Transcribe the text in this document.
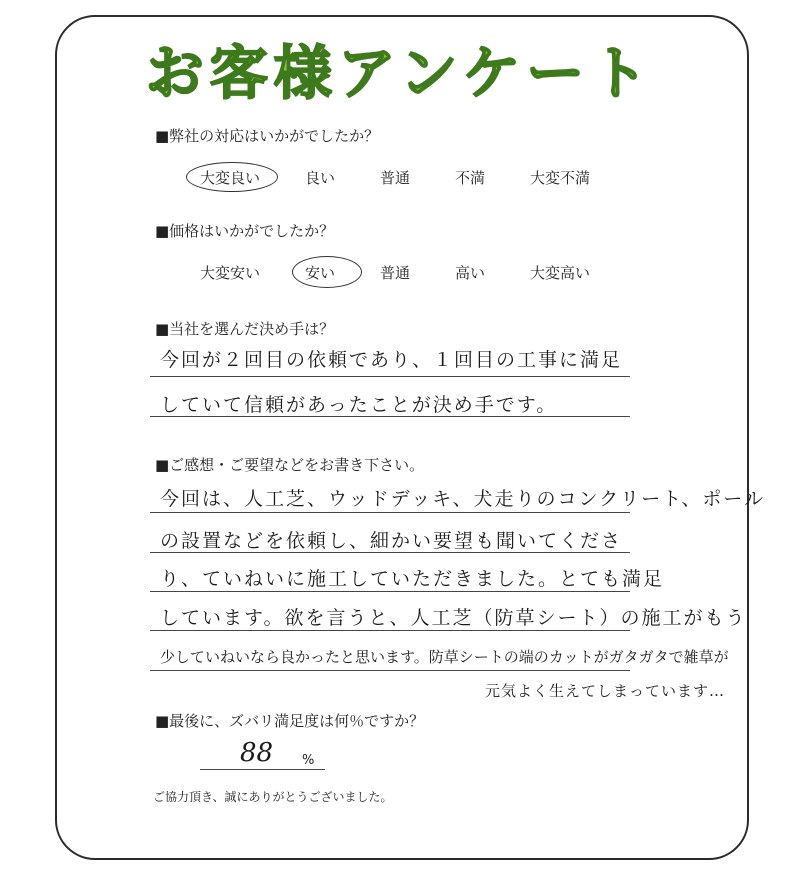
お客様アンケート
■弊社の対応はいかがでしたか？
大変良い	良い	普通	不満	大変不満
■価格はいかがでしたか？
大変安い	安い	普通	高い	大変高い
■当社を選んだ決め手は？
今回が２回目の依頼であり、１回目の工事に満足
していて信頼があったことが決め手です。
■ご感想・ご要望などをお書き下さい。
今回は、人工芝、ウッドデッキ、犬走りのコンクリート、ポール
の設置などを依頼し、細かい要望も聞いてくださ
り、ていねいに施工していただきました。とても満足
しています。欲を言うと、人工芝（防草シート）の施工がもう
少していねいなら良かったと思います。防草シートの端のカットがガタガタで雑草が
元気よく生えてしまっています…
■最後に、ズバリ満足度は何％ですか？
88 %
ご協力頂き、誠にありがとうございました。
